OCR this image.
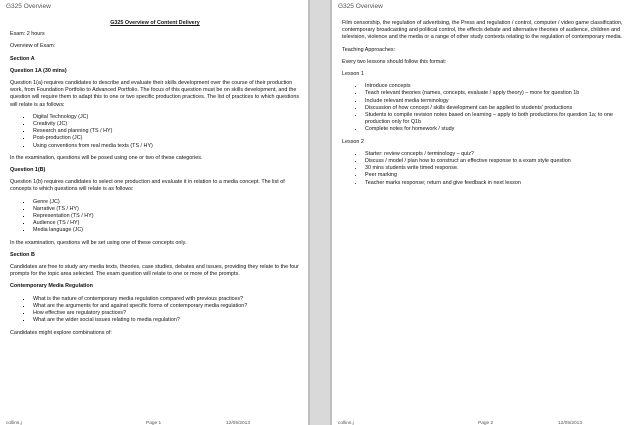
G325 Overview
G325 Overview of Content Delivery

Exam: 2 hours

Overview of Exam:

Section A

Question 1A (30 mins)

Question 1(a) requires candidates to describe and evaluate their skills development over the course of their production work, from Foundation Portfolio to Advanced Portfolio. The focus of this question must be on skills development, and the question will require them to adapt this to one or two specific production practices. The list of practices to which questions will relate is as follows:

▪ Digital Technology (JC)
▪ Creativity (JC)
▪ Research and planning (TS / HY)
▪ Post-production (JC)
▪ Using conventions from real media texts (TS / HY)

In the examination, questions will be posed using one or two of these categories.

Question 1(B)

Question 1(b) requires candidates to select one production and evaluate it in relation to a media concept. The list of concepts to which questions will relate is as follows:

▪ Genre (JC)
▪ Narrative (TS / HY)
▪ Representation (TS / HY)
▪ Audience (TS / HY)
▪ Media language (JC)

In the examination, questions will be set using one of these concepts only.

Section B

Candidates are free to study any media texts, theories, case studies, debates and issues, providing they relate to the four prompts for the topic area selected. The exam question will relate to one or more of the prompts.

Contemporary Media Regulation

▪ What is the nature of contemporary media regulation compared with previous practices?
▪ What are the arguments for and against specific forms of contemporary media regulation?
▪ How effective are regulatory practices?
▪ What are the wider social issues relating to media regulation?

Candidates might explore combinations of:

collins.j	Page 1	12/05/2013
G325 Overview

Film censorship, the regulation of advertising, the Press and regulation / control, computer / video game classification, contemporary broadcasting and political control, the effects debate and alternative theories of audience, children and television, violence and the media or a range of other study contexts relating to the regulation of contemporary media.

Teaching Approaches:

Every two lessons should follow this format:

Lesson 1

• Introduce concepts
• Teach relevant theories (names, concepts, evaluate / apply theory) – more for question 1b
• Include relevant media terminology
• Discussion of how concept / skills development can be applied to students' productions
• Students to compile revision notes based on learning – apply to both productions for question 1a; to one production only for Q1b
• Complete notes for homework / study

Lesson 2

• Starter: review concepts / terminology – quiz?
• Discuss / model / plan how to construct an effective response to a exam style question
• 30 mins students write timed response.
• Peer marking
• Teacher marks response; return and give feedback in next lesson
collins.j	Page 2	12/05/2013
